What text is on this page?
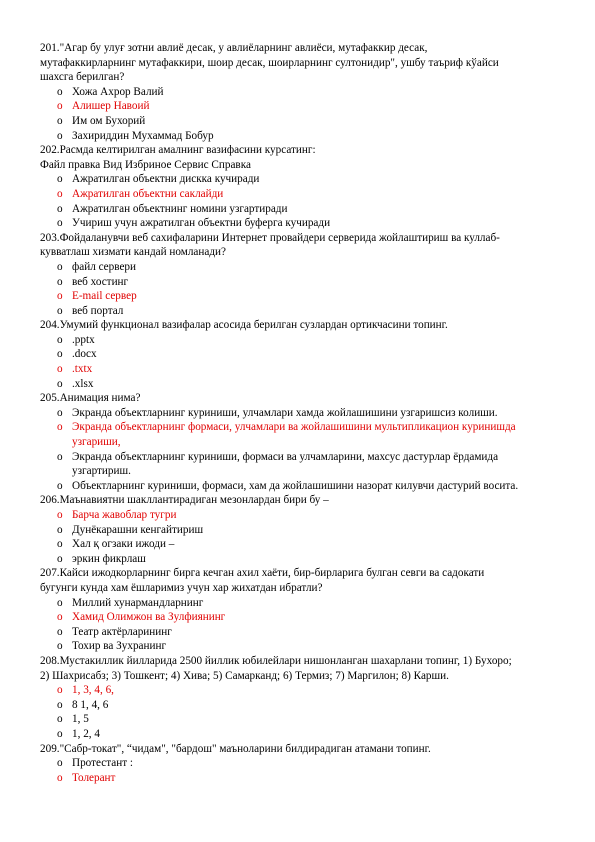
201."Агар бу улуғ зотни авлиё десак, у авлиёларнинг авлиёси, мутафаккир десак,
мутафаккирларнинг мутафаккири, шоир десак, шоирларнинг султонидир", ушбу таъриф кўайси
шахсга берилган?
o Хожа Ахрор Валий
o Алишер Навоий
o Им ом Бухорий
o Захириддин Мухаммад Бобур
202.Расмда келтирилган амалнинг вазифасини курсатинг:
Файл правка Вид Избриное Сервис Справка
o Ажратилган объектни дискка кучиради
o Ажратилган объектни саклайди
o Ажратилган объектнинг номини узгартиради
o Учириш учун ажратилган объектни буферга кучиради
203.Фойдаланувчи веб сахифаларини Интернет провайдери серверида жойлаштириш ва куллаб-
кувватлаш хизмати кандай номланади?
o файл сервери
o веб хостинг
o E-mail сервер
o веб портал
204.Умумий функционал вазифалар асосида берилган сузлардан ортикчасини топинг.
o .pptx
o .docx
o .txtx
o .xlsx
205.Анимация нима?
o Экранда объектларнинг куриниши, улчамлари хамда жойлашишини узгаришсиз колиши.
o Экранда объектларнинг формаси, улчамлари ва жойлашишини мультипликацион куринишда
узгариши,
o Экранда объектларнинг куриниши, формаси ва улчамларини, махсус дастурлар ёрдамида
узгартириш.
o Объектларнинг куриниши, формаси, хам да жойлашишини назорат килувчи дастурий восита.
206.Маънавиятни шакллантирадиган мезонлардан бири бу –
o Барча жавоблар тугри
o Дунёкарашни кенгайтириш
o Хал қ огзаки ижоди –
o эркин фикрлаш
207.Кайси ижодкорларнинг бирга кечган ахил хаёти, бир-бирларига булган севги ва садокати
бугунги кунда хам ёшларимиз учун хар жихатдан ибратли?
o Миллий хунармандларнинг
o Хамид Олимжон ва Зулфиянинг
o Театр актёрларининг
o Тохир ва Зухранинг
208.Мустакиллик йилларида 2500 йиллик юбилейлари нишонланган шахарлани топинг, 1) Бухоро;
2) Шахрисабз; 3) Тошкент; 4) Хива; 5) Самарканд; 6) Термиз; 7) Маргилон; 8) Карши.
o 1, 3, 4, 6,
o 8 1, 4, 6
o 1, 5
o 1, 2, 4
209."Сабр-токат", “чидам", "бардош" маъноларини билдирадиган атамани топинг.
o Протестант :
o Толерант
